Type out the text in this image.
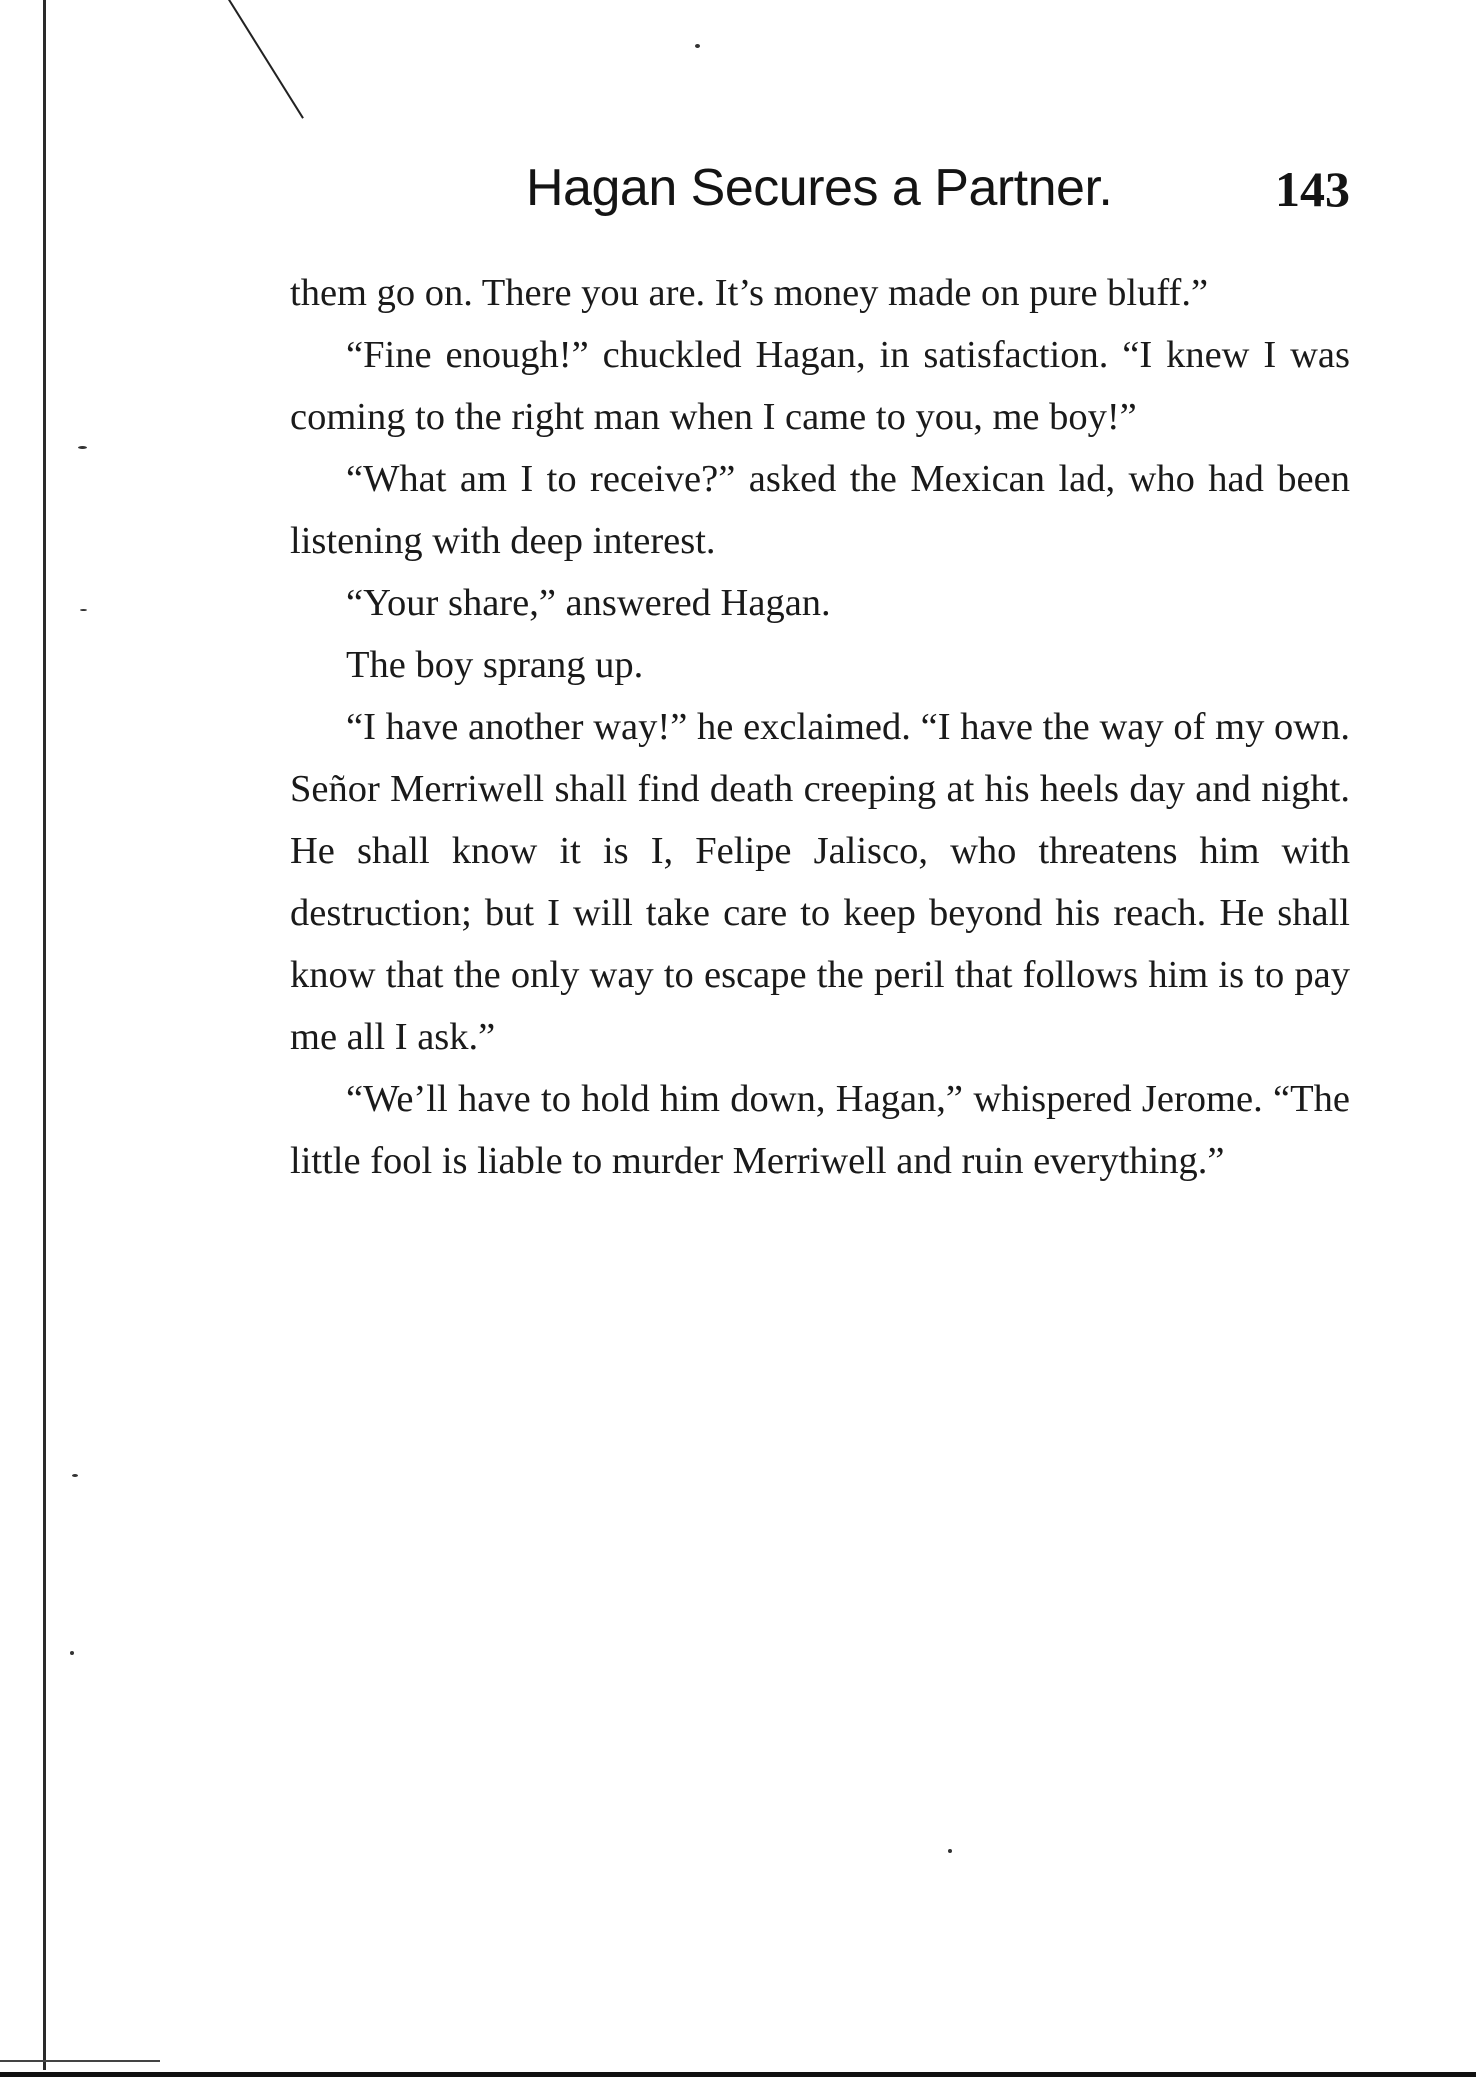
Hagan Secures a Partner.	143

them go on. There you are. It’s money made on pure bluff.”

“Fine enough!” chuckled Hagan, in satisfaction. “I knew I was coming to the right man when I came to you, me boy!”

“What am I to receive?” asked the Mexican lad, who had been listening with deep interest.

“Your share,” answered Hagan.

The boy sprang up.

“I have another way!” he exclaimed. “I have the way of my own. Señor Merriwell shall find death creeping at his heels day and night. He shall know it is I, Felipe Jalisco, who threatens him with destruction; but I will take care to keep beyond his reach. He shall know that the only way to escape the peril that follows him is to pay me all I ask.”

“We’ll have to hold him down, Hagan,” whispered Jerome. “The little fool is liable to murder Merriwell and ruin everything.”
